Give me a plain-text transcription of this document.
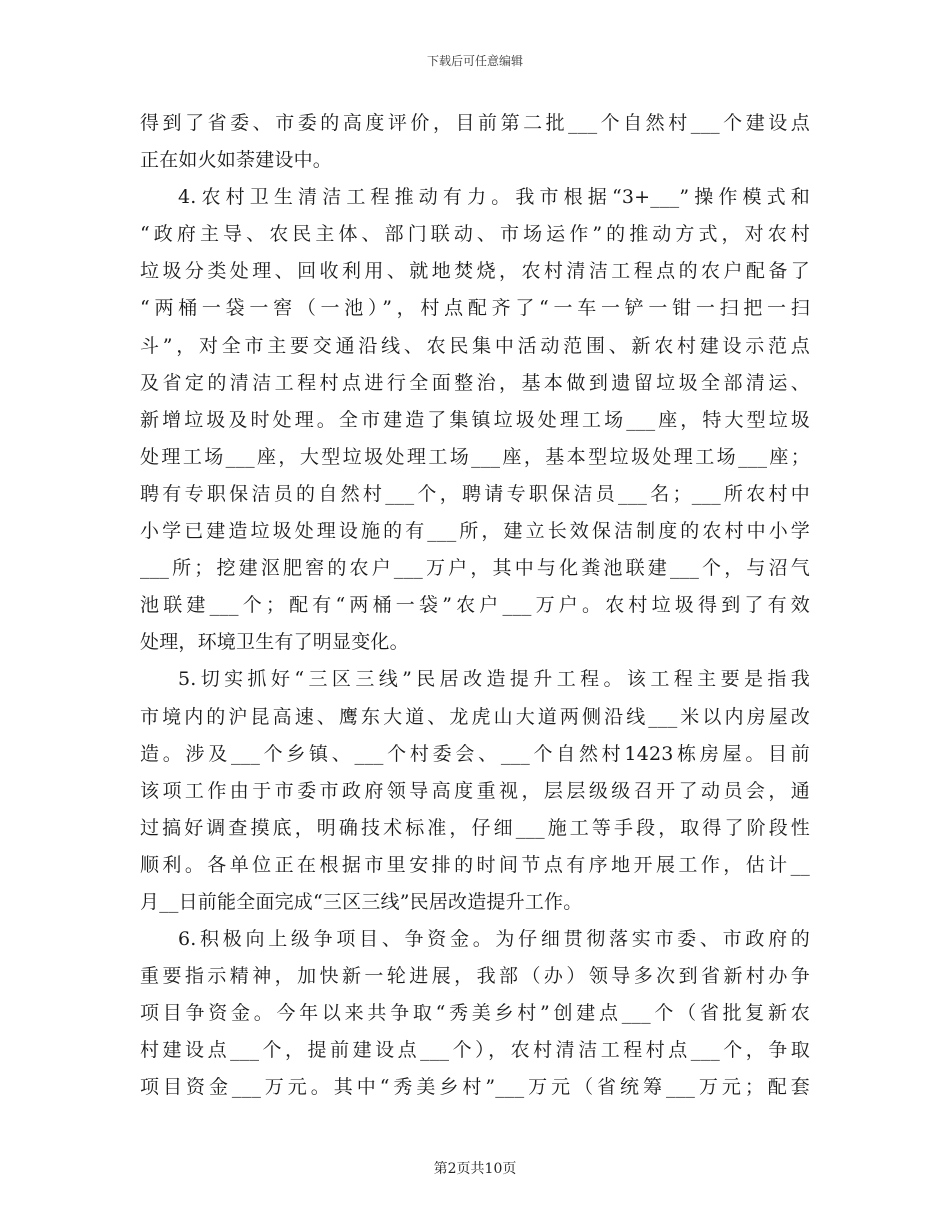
下载后可任意编辑
得到了省委、市委的高度评价，目前第二批___个自然村___个建设点
正在如火如荼建设中。
4.农村卫生清洁工程推动有力。我市根据“3+___”操作模式和
“政府主导、农民主体、部门联动、市场运作”的推动方式，对农村
垃圾分类处理、回收利用、就地焚烧，农村清洁工程点的农户配备了
“两桶一袋一窖（一池）”，村点配齐了“一车一铲一钳一扫把一扫
斗”，对全市主要交通沿线、农民集中活动范围、新农村建设示范点
及省定的清洁工程村点进行全面整治，基本做到遗留垃圾全部清运、
新增垃圾及时处理。全市建造了集镇垃圾处理工场___座，特大型垃圾
处理工场___座，大型垃圾处理工场___座，基本型垃圾处理工场___座；
聘有专职保洁员的自然村___个，聘请专职保洁员___名；___所农村中
小学已建造垃圾处理设施的有___所，建立长效保洁制度的农村中小学
___所；挖建沤肥窖的农户___万户，其中与化粪池联建___个，与沼气
池联建___个；配有“两桶一袋”农户___万户。农村垃圾得到了有效
处理，环境卫生有了明显变化。
5.切实抓好“三区三线”民居改造提升工程。该工程主要是指我
市境内的沪昆高速、鹰东大道、龙虎山大道两侧沿线___米以内房屋改
造。涉及___个乡镇、___个村委会、___个自然村1423栋房屋。目前
该项工作由于市委市政府领导高度重视，层层级级召开了动员会，通
过搞好调查摸底，明确技术标准，仔细___施工等手段，取得了阶段性
顺利。各单位正在根据市里安排的时间节点有序地开展工作，估计__
月__日前能全面完成“三区三线”民居改造提升工作。
6.积极向上级争项目、争资金。为仔细贯彻落实市委、市政府的
重要指示精神，加快新一轮进展，我部（办）领导多次到省新村办争
项目争资金。今年以来共争取“秀美乡村”创建点___个（省批复新农
村建设点___个，提前建设点___个），农村清洁工程村点___个，争取
项目资金___万元。其中“秀美乡村”___万元（省统筹___万元；配套
第2页共10页
